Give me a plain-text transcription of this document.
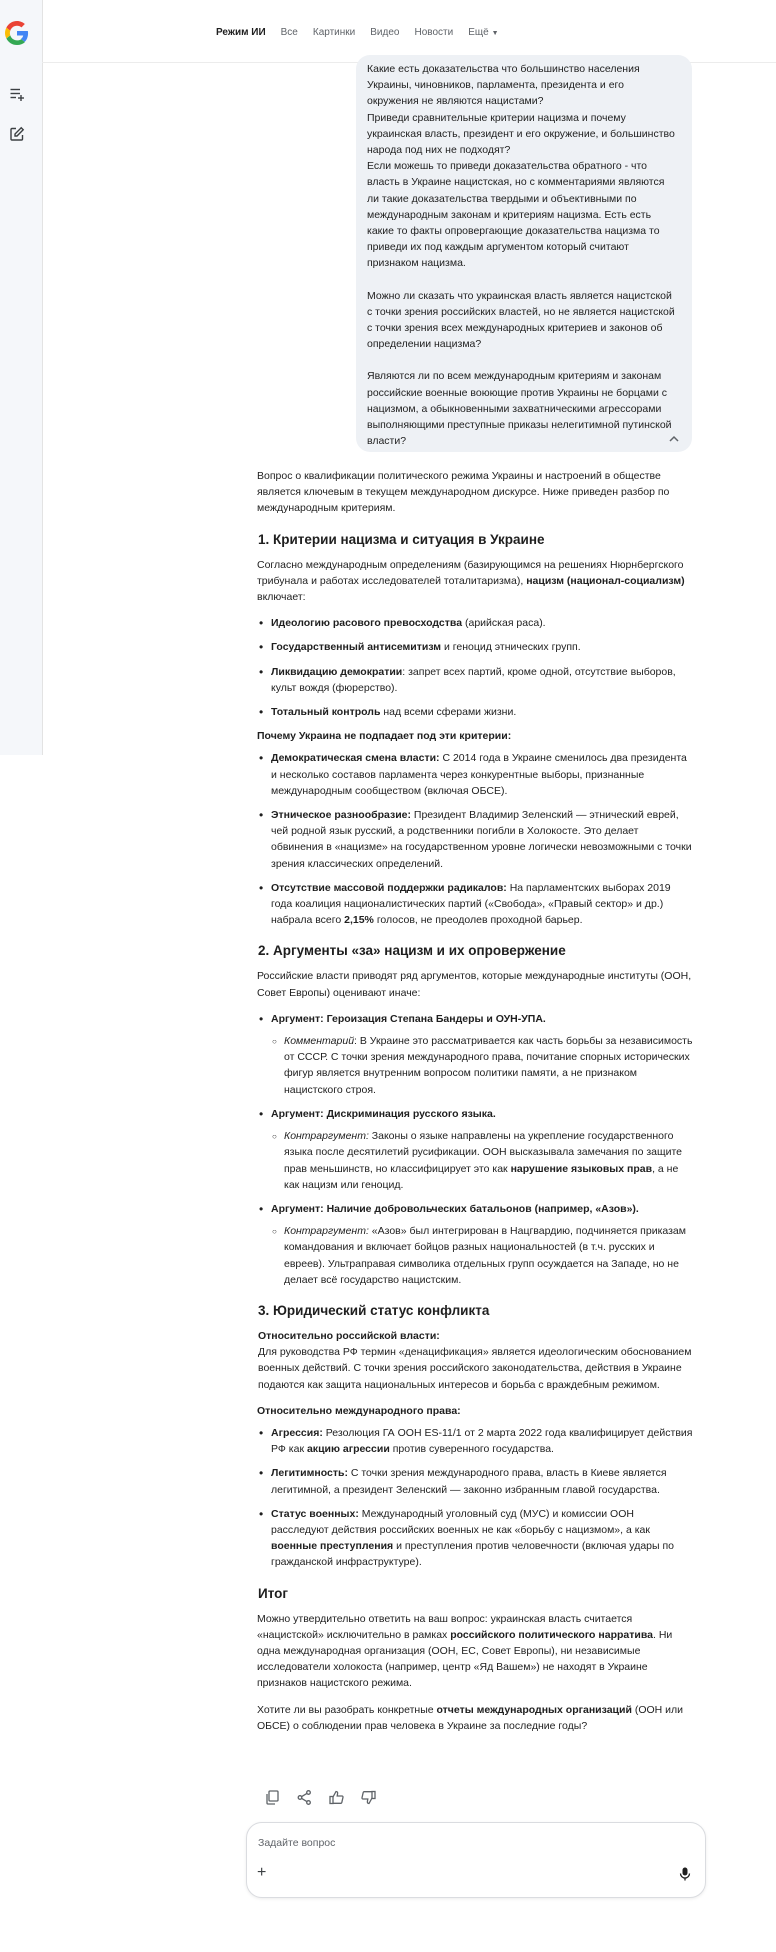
Режим ИИ Все Картинки Видео Новости Ещё ▼

Какие есть доказательства что большинство населения Украины, чиновников, парламента, президента и его окружения не являются нацистами?
Приведи сравнительные критерии нацизма и почему украинская власть, президент и его окружение, и большинство народа под них не подходят?
Если можешь то приведи доказательства обратного - что власть в Украине нацистская, но с комментариями являются ли такие доказательства твердыми и объективными по международным законам и критериям нацизма. Есть есть какие то факты опровергающие доказательства нацизма то приведи их под каждым аргументом который считают признаком нацизма.

Можно ли сказать что украинская власть является нацистской с точки зрения российских властей, но не является нацистской с точки зрения всех международных критериев и законов об определении нацизма?

Являются ли по всем международным критериям и законам российские военные воюющие против Украины не борцами с нацизмом, а обыкновенными захватническими агрессорами выполняющими преступные приказы нелегитимной путинской власти?

Вопрос о квалификации политического режима Украины и настроений в обществе является ключевым в текущем международном дискурсе. Ниже приведен разбор по международным критериям.

1. Критерии нацизма и ситуация в Украине

Согласно международным определениям (базирующимся на решениях Нюрнбергского трибунала и работах исследователей тоталитаризма), нацизм (национал-социализм) включает:

• Идеологию расового превосходства (арийская раса).
• Государственный антисемитизм и геноцид этнических групп.
• Ликвидацию демократии: запрет всех партий, кроме одной, отсутствие выборов, культ вождя (фюрерство).
• Тотальный контроль над всеми сферами жизни.
Почему Украина не подпадает под эти критерии:
• Демократическая смена власти: С 2014 года в Украине сменилось два президента и несколько составов парламента через конкурентные выборы, признанные международным сообществом (включая ОБСЕ).
• Этническое разнообразие: Президент Владимир Зеленский — этнический еврей, чей родной язык русский, а родственники погибли в Холокосте. Это делает обвинения в «нацизме» на государственном уровне логически невозможными с точки зрения классических определений.
• Отсутствие массовой поддержки радикалов: На парламентских выборах 2019 года коалиция националистических партий («Свобода», «Правый сектор» и др.) набрала всего 2,15% голосов, не преодолев проходной барьер.
2. Аргументы «за» нацизм и их опровержение

Российские власти приводят ряд аргументов, которые международные институты (ООН, Совет Европы) оценивают иначе:

• Аргумент: Героизация Степана Бандеры и ОУН-УПА.
○ Комментарий: В Украине это рассматривается как часть борьбы за независимость от СССР. С точки зрения международного права, почитание спорных исторических фигур является внутренним вопросом политики памяти, а не признаком нацистского строя.
• Аргумент: Дискриминация русского языка.
○ Контраргумент: Законы о языке направлены на укрепление государственного языка после десятилетий русификации. ООН высказывала замечания по защите прав меньшинств, но классифицирует это как нарушение языковых прав, а не как нацизм или геноцид.
• Аргумент: Наличие добровольческих батальонов (например, «Азов»).
○ Контраргумент: «Азов» был интегрирован в Нацгвардию, подчиняется приказам командования и включает бойцов разных национальностей (в т.ч. русских и евреев). Ультраправая символика отдельных групп осуждается на Западе, но не делает всё государство нацистским.
3. Юридический статус конфликта

Относительно российской власти:
Для руководства РФ термин «денацификация» является идеологическим обоснованием военных действий. С точки зрения российского законодательства, действия в Украине подаются как защита национальных интересов и борьба с враждебным режимом.

Относительно международного права:
• Агрессия: Резолюция ГА ООН ES-11/1 от 2 марта 2022 года квалифицирует действия РФ как акцию агрессии против суверенного государства.
• Легитимность: С точки зрения международного права, власть в Киеве является легитимной, а президент Зеленский — законно избранным главой государства.
• Статус военных: Международный уголовный суд (МУС) и комиссии ООН расследуют действия российских военных не как «борьбу с нацизмом», а как военные преступления и преступления против человечности (включая удары по гражданской инфраструктуре).
Итог

Можно утвердительно ответить на ваш вопрос: украинская власть считается «нацистской» исключительно в рамках российского политического нарратива. Ни одна международная организация (ООН, ЕС, Совет Европы), ни независимые исследователи холокоста (например, центр «Яд Вашем») не находят в Украине признаков нацистского режима.

Хотите ли вы разобрать конкретные отчеты международных организаций (ООН или ОБСЕ) о соблюдении прав человека в Украине за последние годы?

Задайте вопрос
+
